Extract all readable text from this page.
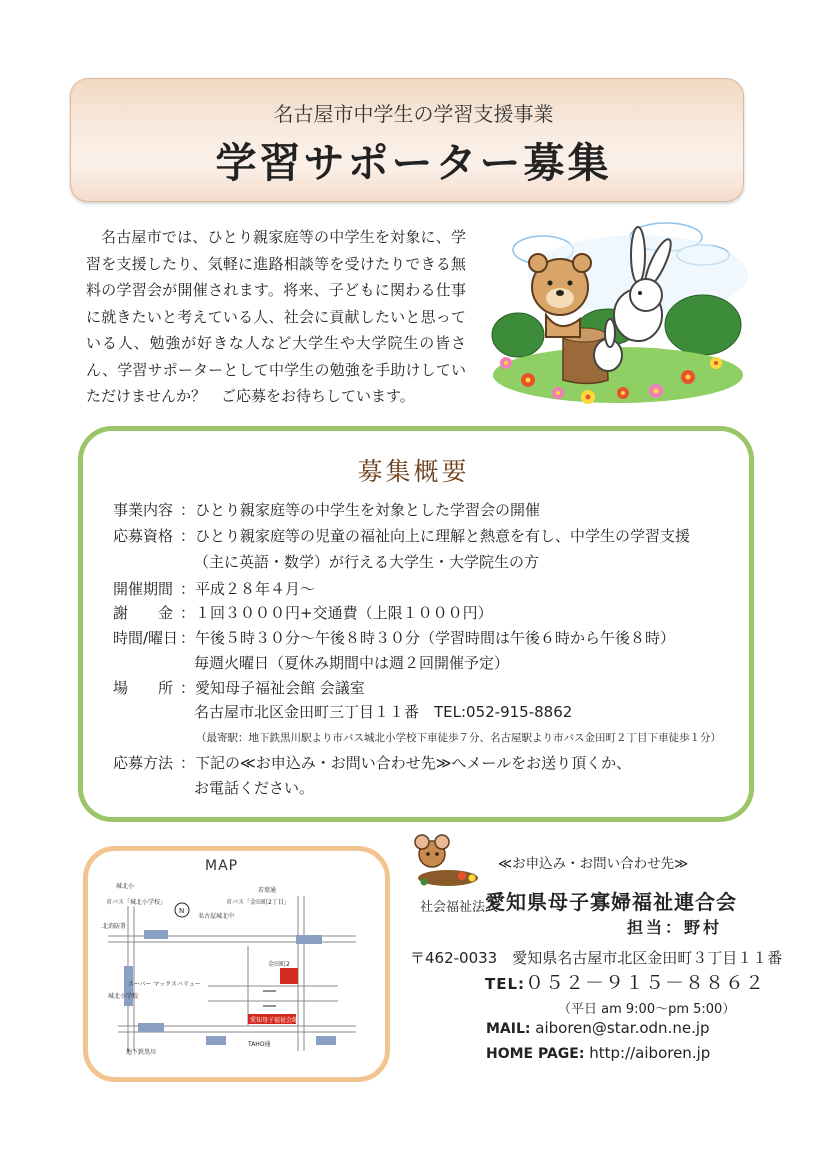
名古屋市中学生の学習支援事業
学習サポーター募集
名古屋市では、ひとり親家庭等の中学生を対象に、学習を支援したり、気軽に進路相談等を受けたりできる無料の学習会が開催されます。将来、子どもに関わる仕事に就きたいと考えている人、社会に貢献したいと思っている人、勉強が好きな人など大学生や大学院生の皆さん、学習サポーターとして中学生の勉強を手助けしていただけませんか？　ご応募をお待ちしています。
募集概要
事業内容 ：ひとり親家庭等の中学生を対象とした学習会の開催
応募資格 ：ひとり親家庭等の児童の福祉向上に理解と熱意を有し、中学生の学習支援
（主に英語・数学）が行える大学生・大学院生の方
開催期間 ：平成２８年４月～
謝　　金 ：１回３０００円+交通費（上限１０００円）
時間/曜日 ：午後５時３０分～午後８時３０分（学習時間は午後６時から午後８時）
毎週火曜日（夏休み期間中は週２回開催予定）
場　　所 ：愛知母子福祉会館 会議室
名古屋市北区金田町三丁目１１番　TEL:052-915-8862
（最寄駅：地下鉄黒川駅より市バス城北小学校下車徒歩７分、名古屋駅より市バス金田町２丁目下車徒歩１分）
応募方法 ：下記の≪お申込み・お問い合わせ先≫へメールをお送り頂くか、
お電話ください。
MAP
城北小
市バス「城北小学校」
北消防署
名古屋城北中
市バス「金田町2丁目」
スーパー マックスバリュー
城北小学校
若葉通
金田町2
TAHO通
地下鉄黒川
N
愛知母子福祉会館
≪お申込み・お問い合わせ先≫
社会福祉法人
愛知県母子寡婦福祉連合会
担当：野村
〒462-0033　愛知県名古屋市北区金田町３丁目１１番
TEL:０５２－９１５－８８６２
（平日 am 9:00～pm 5:00）
MAIL: aiboren@star.odn.ne.jp
HOME PAGE: http://aiboren.jp
